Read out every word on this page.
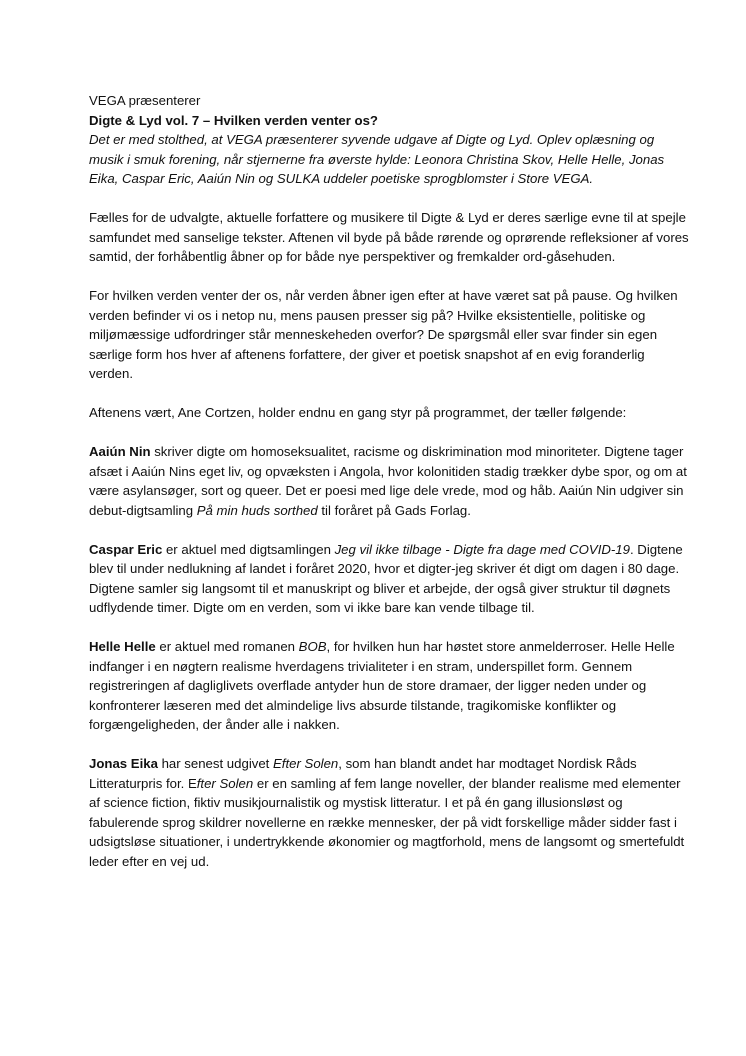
VEGA præsenterer

Digte & Lyd vol. 7 – Hvilken verden venter os?

Det er med stolthed, at VEGA præsenterer syvende udgave af Digte og Lyd. Oplev oplæsning og musik i smuk forening, når stjernerne fra øverste hylde: Leonora Christina Skov, Helle Helle, Jonas Eika, Caspar Eric, Aaiún Nin og SULKA uddeler poetiske sprogblomster i Store VEGA.

Fælles for de udvalgte, aktuelle forfattere og musikere til Digte & Lyd er deres særlige evne til at spejle samfundet med sanselige tekster. Aftenen vil byde på både rørende og oprørende refleksioner af vores samtid, der forhåbentlig åbner op for både nye perspektiver og fremkalder ord-gåsehuden.

For hvilken verden venter der os, når verden åbner igen efter at have været sat på pause. Og hvilken verden befinder vi os i netop nu, mens pausen presser sig på? Hvilke eksistentielle, politiske og miljømæssige udfordringer står menneskeheden overfor? De spørgsmål eller svar finder sin egen særlige form hos hver af aftenens forfattere, der giver et poetisk snapshot af en evig foranderlig verden.

Aftenens vært, Ane Cortzen, holder endnu en gang styr på programmet, der tæller følgende:

Aaiún Nin skriver digte om homoseksualitet, racisme og diskrimination mod minoriteter. Digtene tager afsæt i Aaiún Nins eget liv, og opvæksten i Angola, hvor kolonitiden stadig trækker dybe spor, og om at være asylansøger, sort og queer. Det er poesi med lige dele vrede, mod og håb. Aaiún Nin udgiver sin debut-digtsamling På min huds sorthed til foråret på Gads Forlag.

Caspar Eric er aktuel med digtsamlingen Jeg vil ikke tilbage - Digte fra dage med COVID-19. Digtene blev til under nedlukning af landet i foråret 2020, hvor et digter-jeg skriver ét digt om dagen i 80 dage. Digtene samler sig langsomt til et manuskript og bliver et arbejde, der også giver struktur til døgnets udflydende timer. Digte om en verden, som vi ikke bare kan vende tilbage til.

Helle Helle er aktuel med romanen BOB, for hvilken hun har høstet store anmelderroser. Helle Helle indfanger i en nøgtern realisme hverdagens trivialiteter i en stram, underspillet form. Gennem registreringen af dagliglivets overflade antyder hun de store dramaer, der ligger neden under og konfronterer læseren med det almindelige livs absurde tilstande, tragikomiske konflikter og forgængeligheden, der ånder alle i nakken.

Jonas Eika har senest udgivet Efter Solen, som han blandt andet har modtaget Nordisk Råds Litteraturpris for. Efter Solen er en samling af fem lange noveller, der blander realisme med elementer af science fiction, fiktiv musikjournalistik og mystisk litteratur. I et på én gang illusionsløst og fabulerende sprog skildrer novellerne en række mennesker, der på vidt forskellige måder sidder fast i udsigtsløse situationer, i undertrykkende økonomier og magtforhold, mens de langsomt og smertefuldt leder efter en vej ud.
